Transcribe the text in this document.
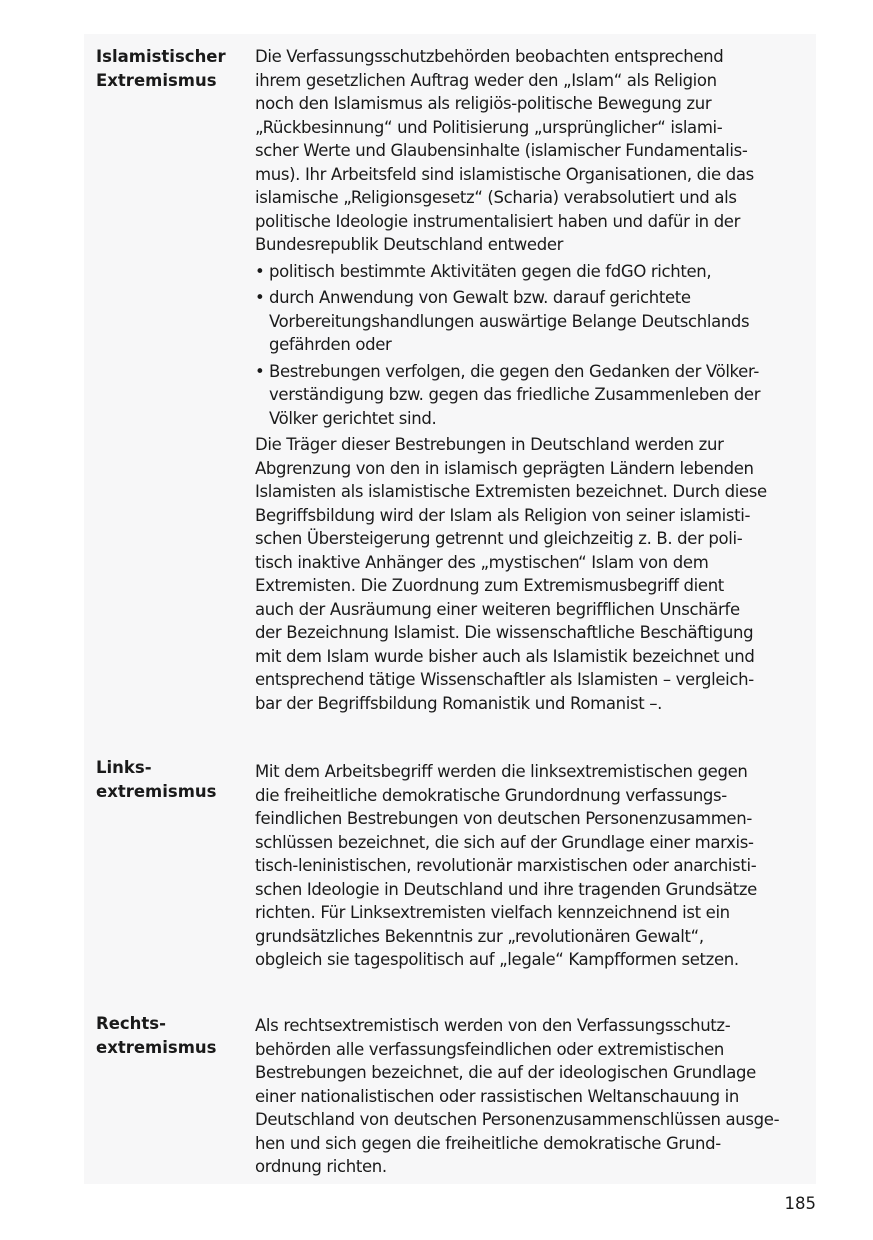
Islamistischer
Extremismus

Die Verfassungsschutzbehörden beobachten entsprechend
ihrem gesetzlichen Auftrag weder den „Islam“ als Religion
noch den Islamismus als religiös-politische Bewegung zur
„Rückbesinnung“ und Politisierung „ursprünglicher“ islami-
scher Werte und Glaubensinhalte (islamischer Fundamentalis-
mus). Ihr Arbeitsfeld sind islamistische Organisationen, die das
islamische „Religionsgesetz“ (Scharia) verabsolutiert und als
politische Ideologie instrumentalisiert haben und dafür in der
Bundesrepublik Deutschland entweder

• politisch bestimmte Aktivitäten gegen die fdGO richten,
• durch Anwendung von Gewalt bzw. darauf gerichtete
Vorbereitungshandlungen auswärtige Belange Deutschlands
gefährden oder
• Bestrebungen verfolgen, die gegen den Gedanken der Völker-
verständigung bzw. gegen das friedliche Zusammenleben der
Völker gerichtet sind.

Die Träger dieser Bestrebungen in Deutschland werden zur
Abgrenzung von den in islamisch geprägten Ländern lebenden
Islamisten als islamistische Extremisten bezeichnet. Durch diese
Begriffsbildung wird der Islam als Religion von seiner islamisti-
schen Übersteigerung getrennt und gleichzeitig z. B. der poli-
tisch inaktive Anhänger des „mystischen“ Islam von dem
Extremisten. Die Zuordnung zum Extremismusbegriff dient
auch der Ausräumung einer weiteren begrifflichen Unschärfe
der Bezeichnung Islamist. Die wissenschaftliche Beschäftigung
mit dem Islam wurde bisher auch als Islamistik bezeichnet und
entsprechend tätige Wissenschaftler als Islamisten – vergleich-
bar der Begriffsbildung Romanistik und Romanist –.

Links-
extremismus

Mit dem Arbeitsbegriff werden die linksextremistischen gegen
die freiheitliche demokratische Grundordnung verfassungs-
feindlichen Bestrebungen von deutschen Personenzusammen-
schlüssen bezeichnet, die sich auf der Grundlage einer marxis-
tisch-leninistischen, revolutionär marxistischen oder anarchisti-
schen Ideologie in Deutschland und ihre tragenden Grundsätze
richten. Für Linksextremisten vielfach kennzeichnend ist ein
grundsätzliches Bekenntnis zur „revolutionären Gewalt“,
obgleich sie tagespolitisch auf „legale“ Kampfformen setzen.

Rechts-
extremismus

Als rechtsextremistisch werden von den Verfassungsschutz-
behörden alle verfassungsfeindlichen oder extremistischen
Bestrebungen bezeichnet, die auf der ideologischen Grundlage
einer nationalistischen oder rassistischen Weltanschauung in
Deutschland von deutschen Personenzusammenschlüssen ausge-
hen und sich gegen die freiheitliche demokratische Grund-
ordnung richten.

185
